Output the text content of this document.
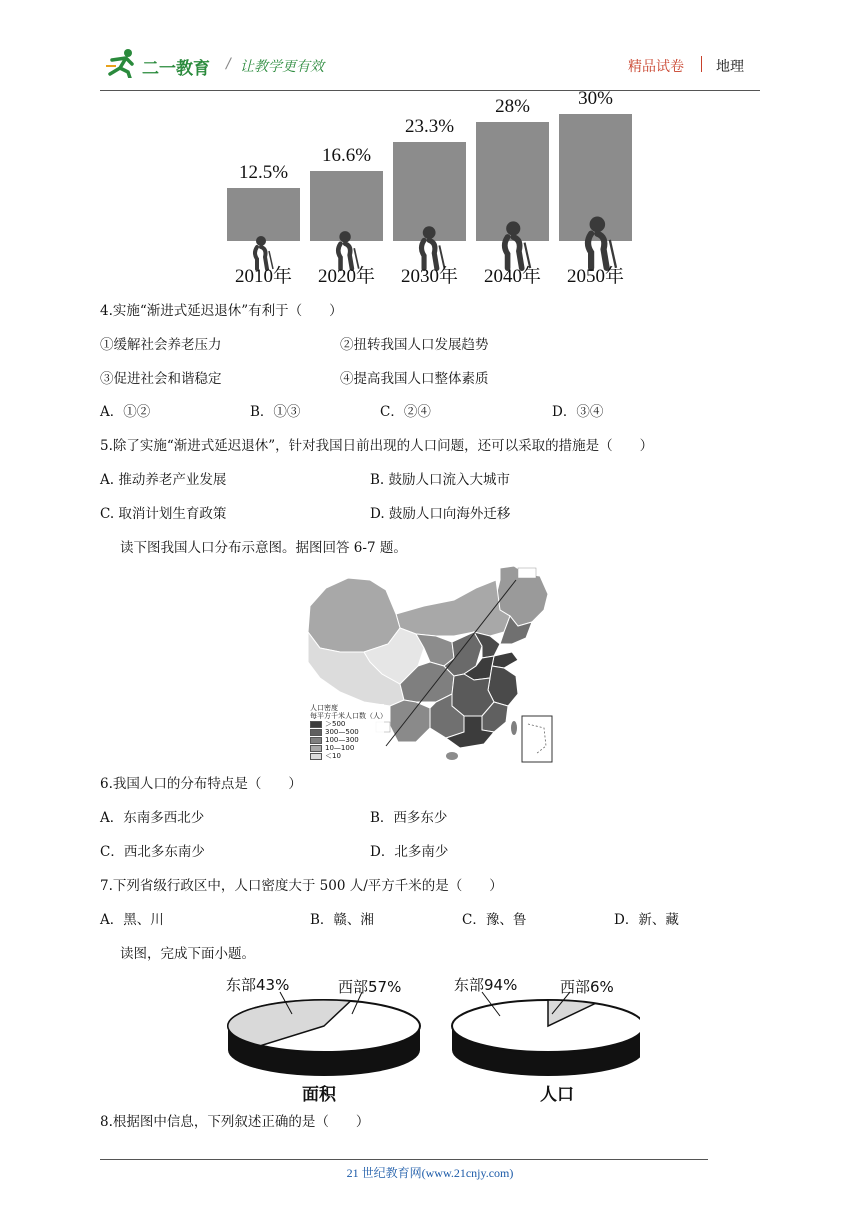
二一教育 / 让教学更有效	精品试卷 地理
12.5%
2010年
16.6%
2020年
23.3%
2030年
28%
2040年
30%
2050年
4.实施“渐进式延迟退休”有利于（　　）
①缓解社会养老压力	②扭转我国人口发展趋势
③促进社会和谐稳定	④提高我国人口整体素质
A．①②	B．①③	C．②④	D．③④
5.除了实施“渐进式延迟退休”，针对我国日前出现的人口问题，还可以采取的措施是（　　）
A. 推动养老产业发展	B. 鼓励人口流入大城市
C. 取消计划生育政策	D. 鼓励人口向海外迁移
读下图我国人口分布示意图。据图回答 6-7 题。
人口密度
每平方千米人口数（人）
＞500
300—500
100—300
10—100
＜10
6.我国人口的分布特点是（　　）
A．东南多西北少	B．西多东少
C．西北多东南少	D．北多南少
7.下列省级行政区中，人口密度大于 500 人/平方千米的是（　　）
A．黑、川	B．赣、湘	C．豫、鲁	D．新、藏
读图，完成下面小题。
东部43%	西部57%
面积
东部94%	西部6%
人口
8.根据图中信息，下列叙述正确的是（　　）
21 世纪教育网(www.21cnjy.com)
